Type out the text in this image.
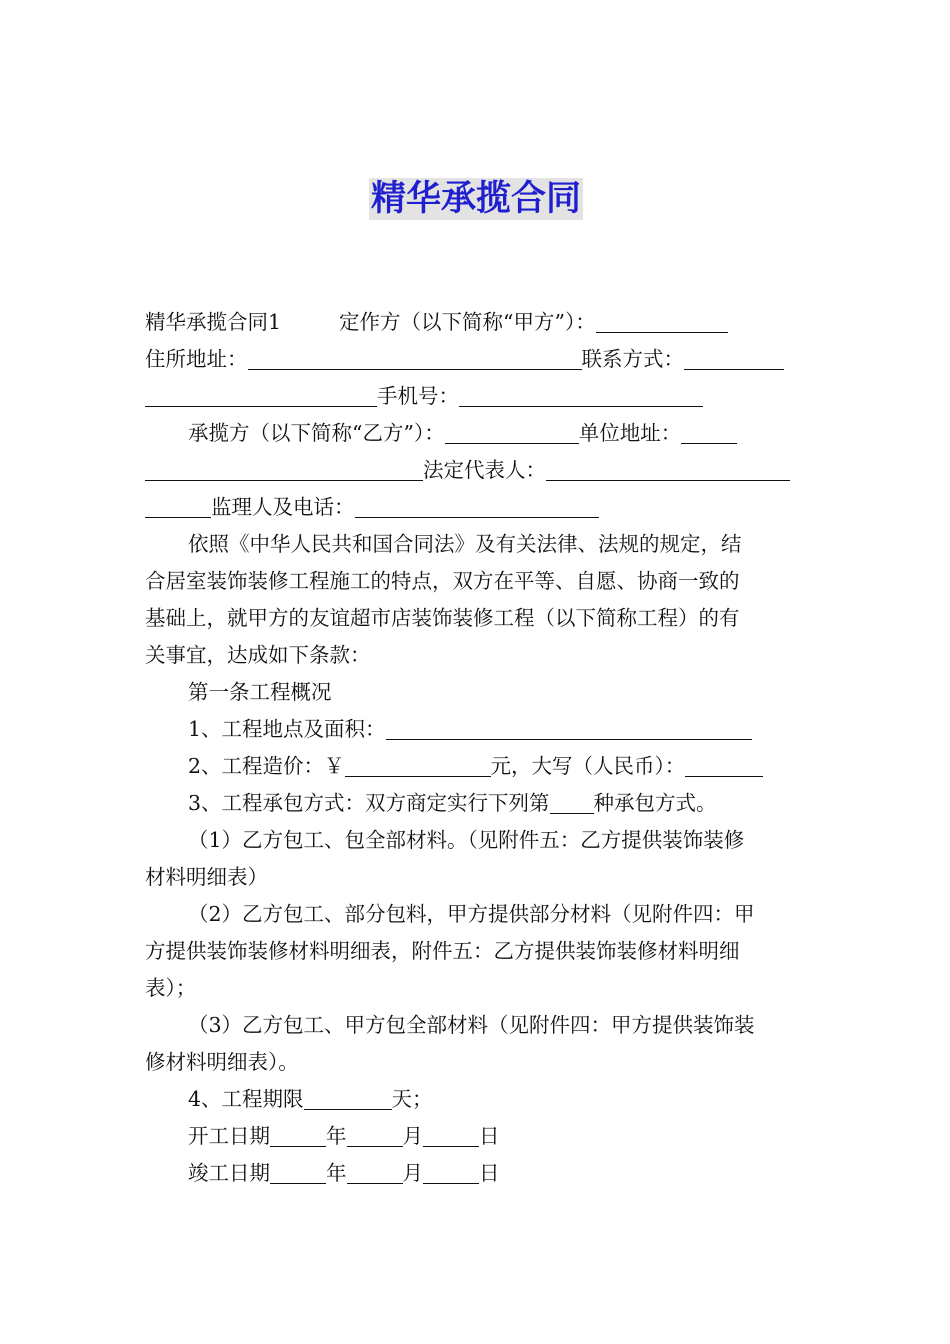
精华承揽合同
精华承揽合同1	定作方（以下简称“甲方”）：
住所地址：	联系方式：
手机号：
承揽方（以下简称“乙方”）：	单位地址：
法定代表人：
监理人及电话：
依照《中华人民共和国合同法》及有关法律、法规的规定，结
合居室装饰装修工程施工的特点，双方在平等、自愿、协商一致的
基础上，就甲方的友谊超市店装饰装修工程（以下简称工程）的有
关事宜，达成如下条款：
第一条工程概况
1、工程地点及面积：
2、工程造价：￥	元，大写（人民币）：
3、工程承包方式：双方商定实行下列第 种承包方式。
（1）乙方包工、包全部材料。（见附件五：乙方提供装饰装修
材料明细表）
（2）乙方包工、部分包料，甲方提供部分材料（见附件四：甲
方提供装饰装修材料明细表，附件五：乙方提供装饰装修材料明细
表）；
（3）乙方包工、甲方包全部材料（见附件四：甲方提供装饰装
修材料明细表）。
4、工程期限	天；
开工日期	年	月	日
竣工日期	年	月	日
